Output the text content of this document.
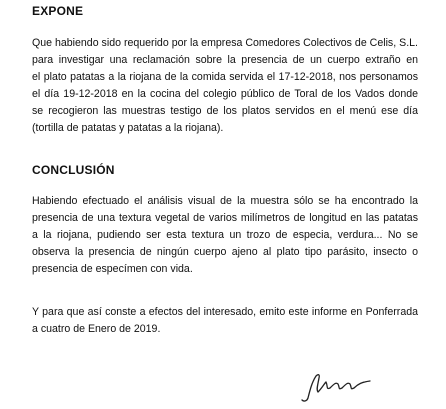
EXPONE
Que habiendo sido requerido por la empresa Comedores Colectivos de Celis, S.L.
para investigar una reclamación sobre la presencia de un cuerpo extraño en
el plato patatas a la riojana de la comida servida el 17-12-2018, nos personamos
el día 19-12-2018 en la cocina del colegio público de Toral de los Vados donde
se recogieron las muestras testigo de los platos servidos en el menú ese día
(tortilla de patatas y patatas a la riojana).
CONCLUSIÓN
Habiendo efectuado el análisis visual de la muestra sólo se ha encontrado la
presencia de una textura vegetal de varios milímetros de longitud en las patatas
a la riojana, pudiendo ser esta textura un trozo de especia, verdura... No se
observa la presencia de ningún cuerpo ajeno al plato tipo parásito, insecto o
presencia de especímen con vida.
Y para que así conste a efectos del interesado, emito este informe en Ponferrada
a cuatro de Enero de 2019.
